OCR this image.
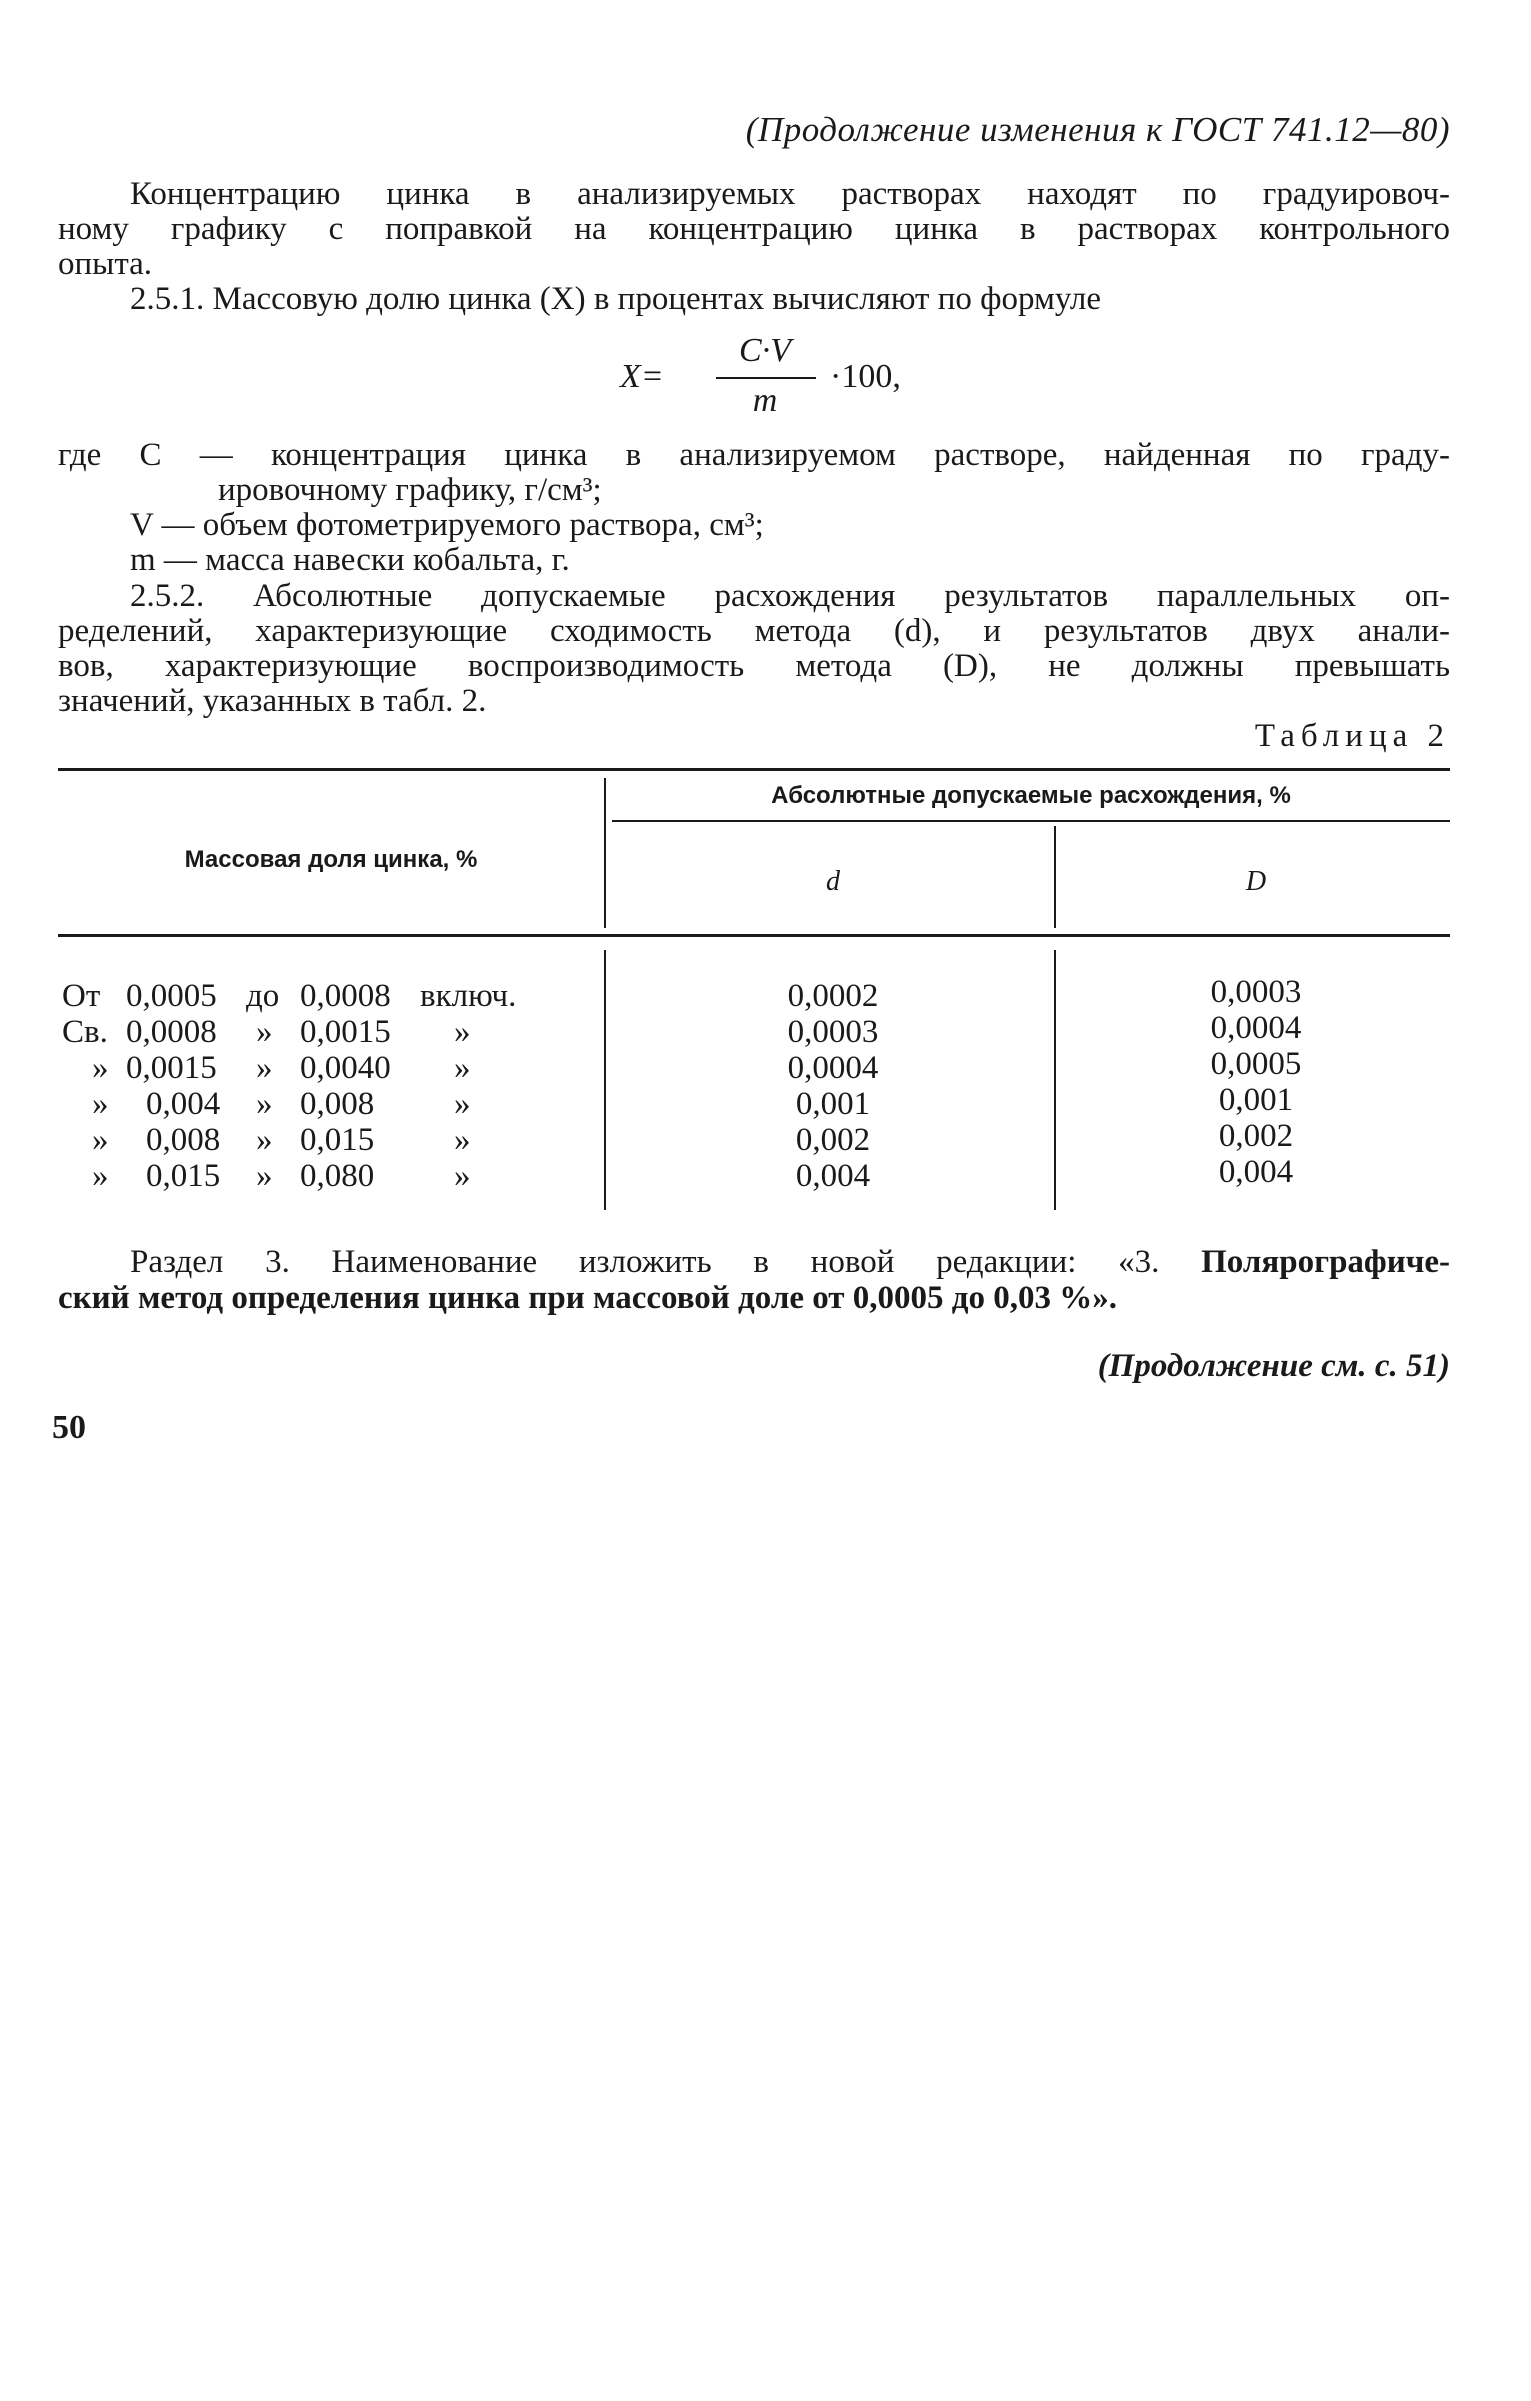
(Продолжение изменения к ГОСТ 741.12—80)
Концентрацию цинка в анализируемых растворах находят по градуировоч-
ному графику с поправкой на концентрацию цинка в растворах контрольного
опыта.
2.5.1. Массовую долю цинка (X) в процентах вычисляют по формуле
X=
C·V
m
·100,
где C — концентрация цинка в анализируемом растворе, найденная по граду-
ировочному графику, г/см³;
V — объем фотометрируемого раствора, см³;
m — масса навески кобальта, г.
2.5.2. Абсолютные допускаемые расхождения результатов параллельных оп-
ределений, характеризующие сходимость метода (d), и результатов двух анали-
вов, характеризующие воспроизводимость метода (D), не должны превышать
значений, указанных в табл. 2.
Таблица 2
Массовая доля цинка, %
Абсолютные допускаемые расхождения, %
d	D
От 0,0005 до 0,0008 включ.	0,0002	0,0003
Св. 0,0008 » 0,0015 »	0,0003	0,0004
» 0,0015 » 0,0040 »	0,0004	0,0005
» 0,004 » 0,008 »	0,001	0,001
» 0,008 » 0,015 »	0,002	0,002
» 0,015 » 0,080 »	0,004	0,004
Раздел 3. Наименование изложить в новой редакции: «3. Полярографиче-
ский метод определения цинка при массовой доле от 0,0005 до 0,03 %».
(Продолжение см. с. 51)
50
